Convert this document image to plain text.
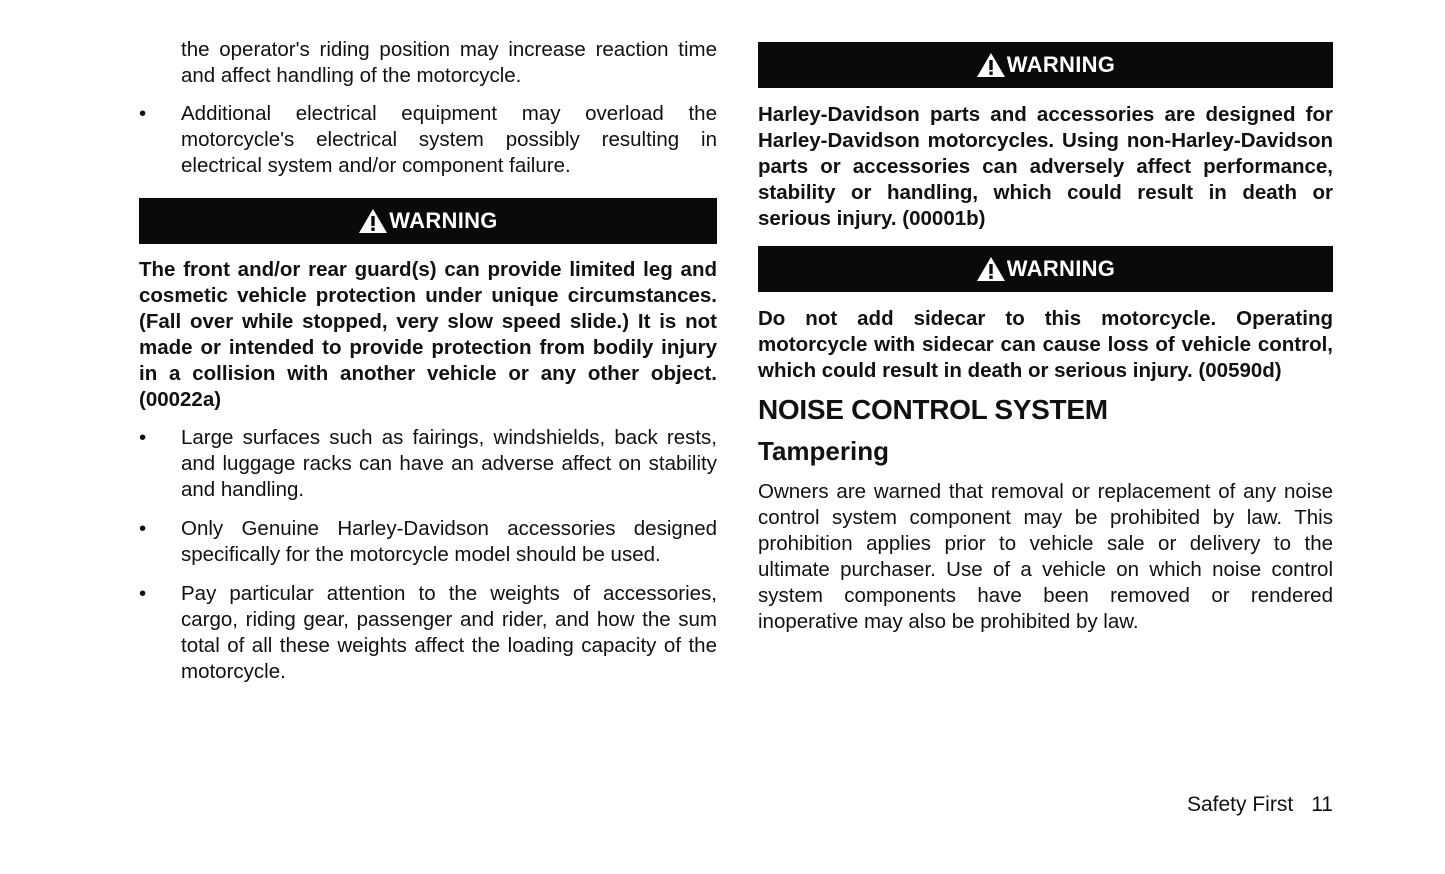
the operator's riding position may increase reaction time and affect handling of the motorcycle.

• Additional electrical equipment may overload the motorcycle's electrical system possibly resulting in electrical system and/or component failure.
WARNING

The front and/or rear guard(s) can provide limited leg and cosmetic vehicle protection under unique circumstances. (Fall over while stopped, very slow speed slide.) It is not made or intended to provide protection from bodily injury in a collision with another vehicle or any other object. (00022a)

• Large surfaces such as fairings, windshields, back rests, and luggage racks can have an adverse affect on stability and handling.
• Only Genuine Harley-Davidson accessories designed specifically for the motorcycle model should be used.
• Pay particular attention to the weights of accessories, cargo, riding gear, passenger and rider, and how the sum total of all these weights affect the loading capacity of the motorcycle.
WARNING

Harley-Davidson parts and accessories are designed for Harley-Davidson motorcycles. Using non-Harley-Davidson parts or accessories can adversely affect performance, stability or handling, which could result in death or serious injury. (00001b)

WARNING

Do not add sidecar to this motorcycle. Operating motorcycle with sidecar can cause loss of vehicle control, which could result in death or serious injury. (00590d)

NOISE CONTROL SYSTEM
Tampering

Owners are warned that removal or replacement of any noise control system component may be prohibited by law. This prohibition applies prior to vehicle sale or delivery to the ultimate purchaser. Use of a vehicle on which noise control system components have been removed or rendered inoperative may also be prohibited by law.

Safety First 11
